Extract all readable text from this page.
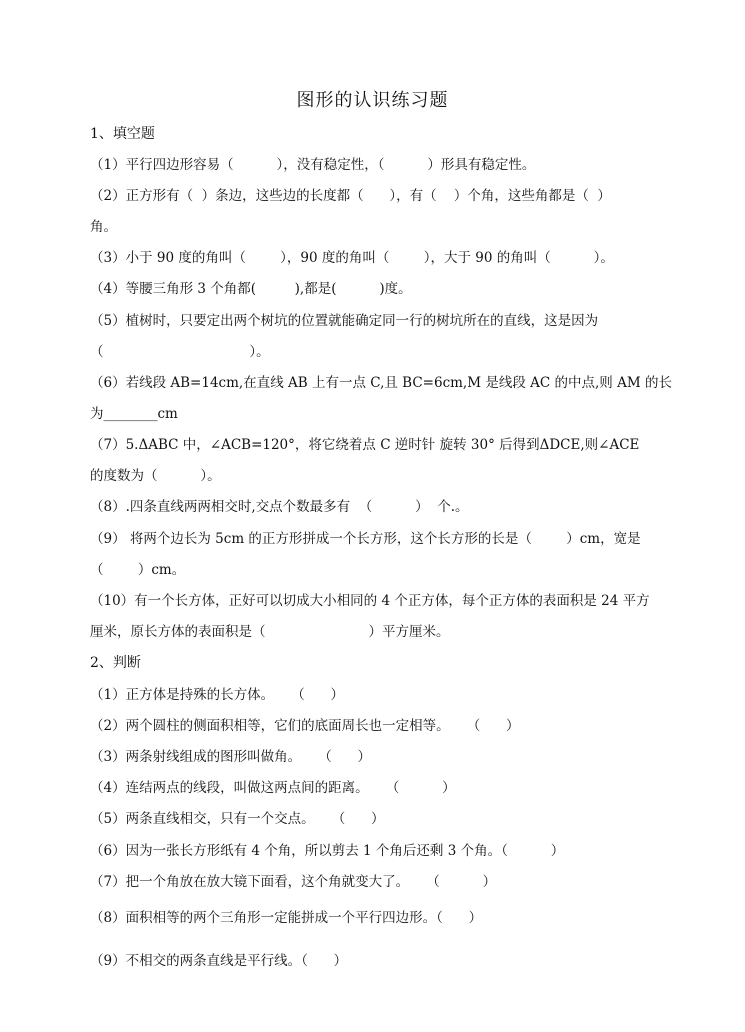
图形的认识练习题
1、填空题
（1）平行四边形容易（          ），没有稳定性，（          ）形具有稳定性。
（2）正方形有（  ）条边，这些边的长度都（      ），有（    ）个角，这些角都是（  ）
角。
（3）小于 90 度的角叫（        ），90 度的角叫（        ），大于 90 的角叫（          ）。
（4）等腰三角形 3 个角都(         ),都是(          )度。
（5）植树时，只要定出两个树坑的位置就能确定同一行的树坑所在的直线，这是因为
（                                  ）。
（6）若线段 AB=14cm,在直线 AB 上有一点 C,且 BC=6cm,M 是线段 AC 的中点,则 AM 的长
为________cm
（7）5.ΔABC 中，∠ACB=120°，将它绕着点 C 逆时针 旋转 30° 后得到ΔDCE,则∠ACE
的度数为（          ）。
（8）.四条直线两两相交时,交点个数最多有  （          ）  个.。
（9） 将两个边长为 5cm 的正方形拼成一个长方形，这个长方形的长是（        ）cm，宽是
（        ）cm。
（10）有一个长方体，正好可以切成大小相同的 4 个正方体，每个正方体的表面积是 24 平方
厘米，原长方体的表面积是（                        ）平方厘米。
2、判断
（1）正方体是持殊的长方体。    （      ）
（2）两个圆柱的侧面积相等，它们的底面周长也一定相等。    （      ）
（3）两条射线组成的图形叫做角。    （      ）
（4）连结两点的线段，叫做这两点间的距离。    （          ）
（5）两条直线相交，只有一个交点。    （      ）
（6）因为一张长方形纸有 4 个角，所以剪去 1 个角后还剩 3 个角。（          ）
（7）把一个角放在放大镜下面看，这个角就变大了。    （          ）
（8）面积相等的两个三角形一定能拼成一个平行四边形。（      ）
（9）不相交的两条直线是平行线。（      ）
